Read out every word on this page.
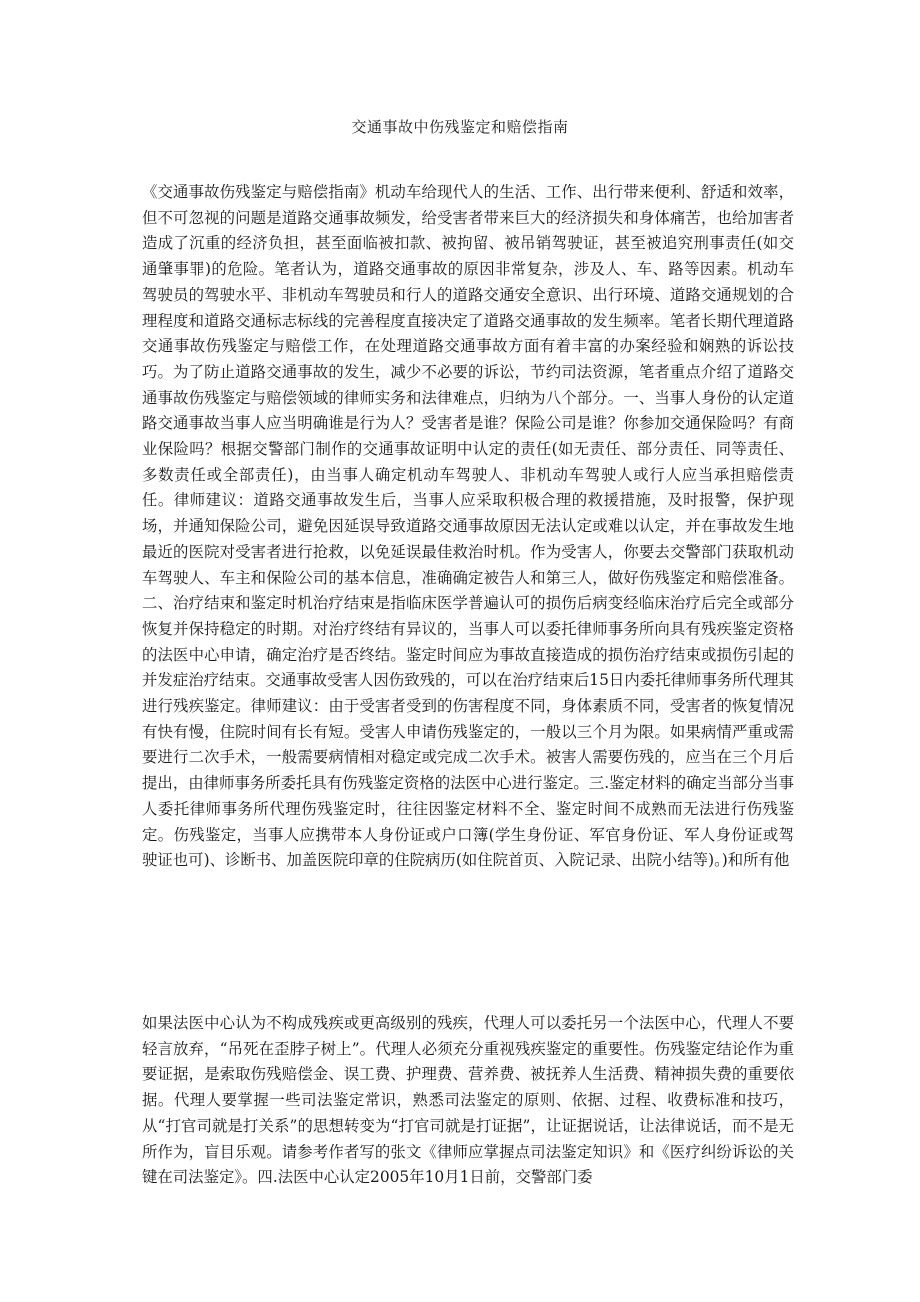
交通事故中伤残鉴定和赔偿指南

《交通事故伤残鉴定与赔偿指南》机动车给现代人的生活、工作、出行带来便利、舒适和效率，但不可忽视的问题是道路交通事故频发，给受害者带来巨大的经济损失和身体痛苦，也给加害者造成了沉重的经济负担，甚至面临被扣款、被拘留、被吊销驾驶证，甚至被追究刑事责任(如交通肇事罪)的危险。笔者认为，道路交通事故的原因非常复杂，涉及人、车、路等因素。机动车驾驶员的驾驶水平、非机动车驾驶员和行人的道路交通安全意识、出行环境、道路交通规划的合理程度和道路交通标志标线的完善程度直接决定了道路交通事故的发生频率。笔者长期代理道路交通事故伤残鉴定与赔偿工作，在处理道路交通事故方面有着丰富的办案经验和娴熟的诉讼技巧。为了防止道路交通事故的发生，减少不必要的诉讼，节约司法资源，笔者重点介绍了道路交通事故伤残鉴定与赔偿领域的律师实务和法律难点，归纳为八个部分。一、当事人身份的认定道路交通事故当事人应当明确谁是行为人？受害者是谁？保险公司是谁？你参加交通保险吗？有商业保险吗？根据交警部门制作的交通事故证明中认定的责任(如无责任、部分责任、同等责任、多数责任或全部责任)，由当事人确定机动车驾驶人、非机动车驾驶人或行人应当承担赔偿责任。律师建议：道路交通事故发生后，当事人应采取积极合理的救援措施，及时报警，保护现场，并通知保险公司，避免因延误导致道路交通事故原因无法认定或难以认定，并在事故发生地最近的医院对受害者进行抢救，以免延误最佳救治时机。作为受害人，你要去交警部门获取机动车驾驶人、车主和保险公司的基本信息，准确确定被告人和第三人，做好伤残鉴定和赔偿准备。二、治疗结束和鉴定时机治疗结束是指临床医学普遍认可的损伤后病变经临床治疗后完全或部分恢复并保持稳定的时期。对治疗终结有异议的，当事人可以委托律师事务所向具有残疾鉴定资格的法医中心申请，确定治疗是否终结。鉴定时间应为事故直接造成的损伤治疗结束或损伤引起的并发症治疗结束。交通事故受害人因伤致残的，可以在治疗结束后15日内委托律师事务所代理其进行残疾鉴定。律师建议：由于受害者受到的伤害程度不同，身体素质不同，受害者的恢复情况有快有慢，住院时间有长有短。受害人申请伤残鉴定的，一般以三个月为限。如果病情严重或需要进行二次手术，一般需要病情相对稳定或完成二次手术。被害人需要伤残的，应当在三个月后提出，由律师事务所委托具有伤残鉴定资格的法医中心进行鉴定。三.鉴定材料的确定当部分当事人委托律师事务所代理伤残鉴定时，往往因鉴定材料不全、鉴定时间不成熟而无法进行伤残鉴定。伤残鉴定，当事人应携带本人身份证或户口簿(学生身份证、军官身份证、军人身份证或驾驶证也可)、诊断书、加盖医院印章的住院病历(如住院首页、入院记录、出院小结等)。)和所有他

如果法医中心认为不构成残疾或更高级别的残疾，代理人可以委托另一个法医中心，代理人不要轻言放弃，“吊死在歪脖子树上”。代理人必须充分重视残疾鉴定的重要性。伤残鉴定结论作为重要证据，是索取伤残赔偿金、误工费、护理费、营养费、被抚养人生活费、精神损失费的重要依据。代理人要掌握一些司法鉴定常识，熟悉司法鉴定的原则、依据、过程、收费标准和技巧，从“打官司就是打关系”的思想转变为“打官司就是打证据”，让证据说话，让法律说话，而不是无所作为，盲目乐观。请参考作者写的张文《律师应掌握点司法鉴定知识》和《医疗纠纷诉讼的关键在司法鉴定》。四.法医中心认定2005年10月1日前，交警部门委
